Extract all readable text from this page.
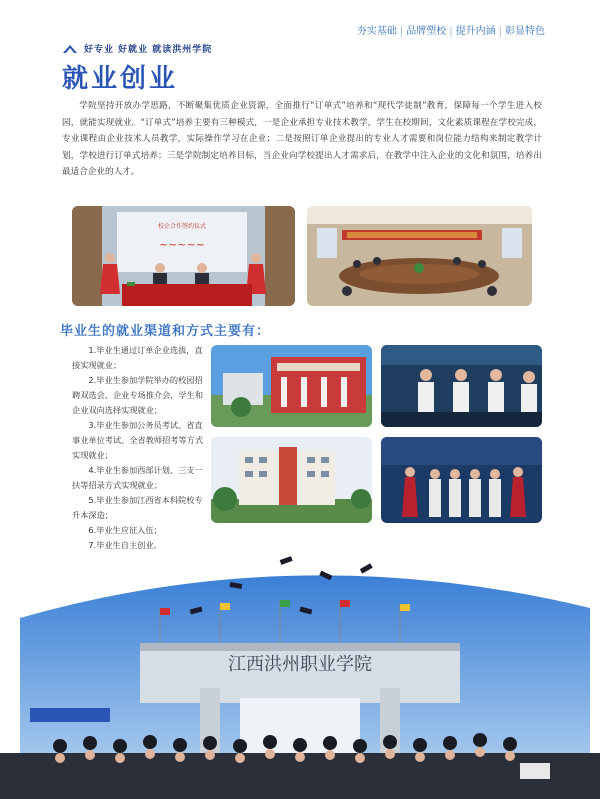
夯实基础 | 品牌塑校 | 提升内涵 | 彰显特色
好专业 好就业 就读洪州学院
就业创业
学院坚持开放办学思路，不断聚集优质企业资源，全面推行“订单式”培养和“现代学徒制”教育，保障每一个学生进入校园，就能实现就业。“订单式”培养主要有三种模式，一是企业承担专业技术教学，学生在校期间，文化素质课程在学校完成，专业课程由企业技术人员教学，实际操作学习在企业；二是按照订单企业提出的专业人才需要和岗位能力结构来制定教学计划，学校进行订单式培养；三是学院制定培养目标，当企业向学校提出人才需求后，在教学中注入企业的文化和氛围，培养出最适合企业的人才。
校企合作签约仪式
~~~~~
毕业生的就业渠道和方式主要有：
1.毕业生通过订单企业选拔，直接实现就业；
2.毕业生参加学院举办的校园招聘双选会、企业专场推介会，学生和企业双向选择实现就业；
3.毕业生参加公务员考试、省直事业单位考试、全省教师招考等方式实现就业；
4.毕业生参加西部计划、三支一扶等招录方式实现就业；
5.毕业生参加江西省本科院校专升本深造；
6.毕业生应征入伍；
7.毕业生自主创业。
江西洪州职业学院
